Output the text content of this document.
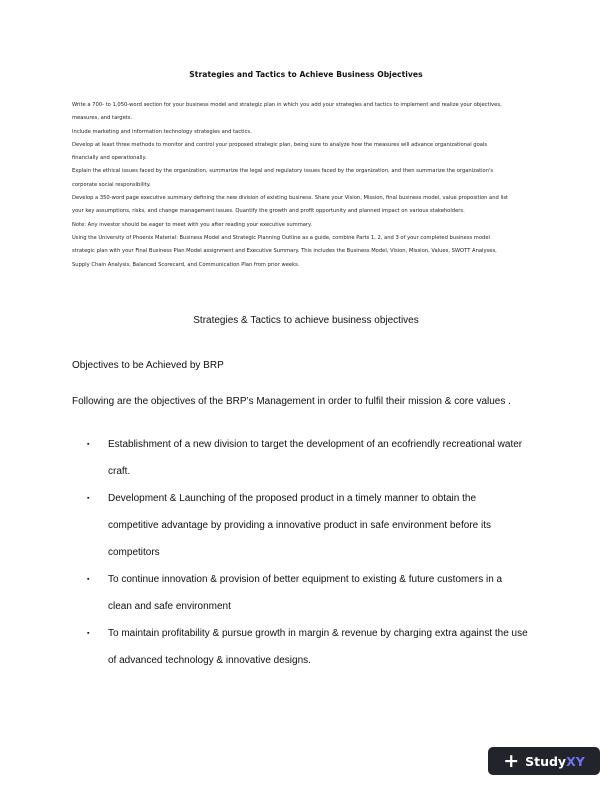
Strategies and Tactics to Achieve Business Objectives

Write a 700- to 1,050-word section for your business model and strategic plan in which you add your strategies and tactics to implement and realize your objectives,

measures, and targets.

Include marketing and information technology strategies and tactics.

Develop at least three methods to monitor and control your proposed strategic plan, being sure to analyze how the measures will advance organizational goals

financially and operationally.

Explain the ethical issues faced by the organization, summarize the legal and regulatory issues faced by the organization, and then summarize the organization's

corporate social responsibility.

Develop a 350-word page executive summary defining the new division of existing business. Share your Vision, Mission, final business model, value proposition and list

your key assumptions, risks, and change management issues. Quantify the growth and profit opportunity and planned impact on various stakeholders.

Note: Any investor should be eager to meet with you after reading your executive summary.

Using the University of Phoenix Material: Business Model and Strategic Planning Outline as a guide, combine Parts 1, 2, and 3 of your completed business model

strategic plan with your Final Business Plan Model assignment and Executive Summary. This includes the Business Model, Vision, Mission, Values, SWOTT Analyses,

Supply Chain Analysis, Balanced Scorecard, and Communication Plan from prior weeks.

Strategies & Tactics to achieve business objectives
Objectives to be Achieved by BRP
Following are the objectives of the BRP’s Management in order to fulfil their mission & core values .
▪ Establishment of a new division to target the development of an ecofriendly recreational water
craft.
▪ Development & Launching of the proposed product in a timely manner to obtain the
competitive advantage by providing a innovative product in safe environment before its
competitors
▪ To continue innovation & provision of better equipment to existing & future customers in a
clean and safe environment
▪ To maintain profitability & pursue growth in margin & revenue by charging extra against the use
of advanced technology & innovative designs.
+ StudyXY
